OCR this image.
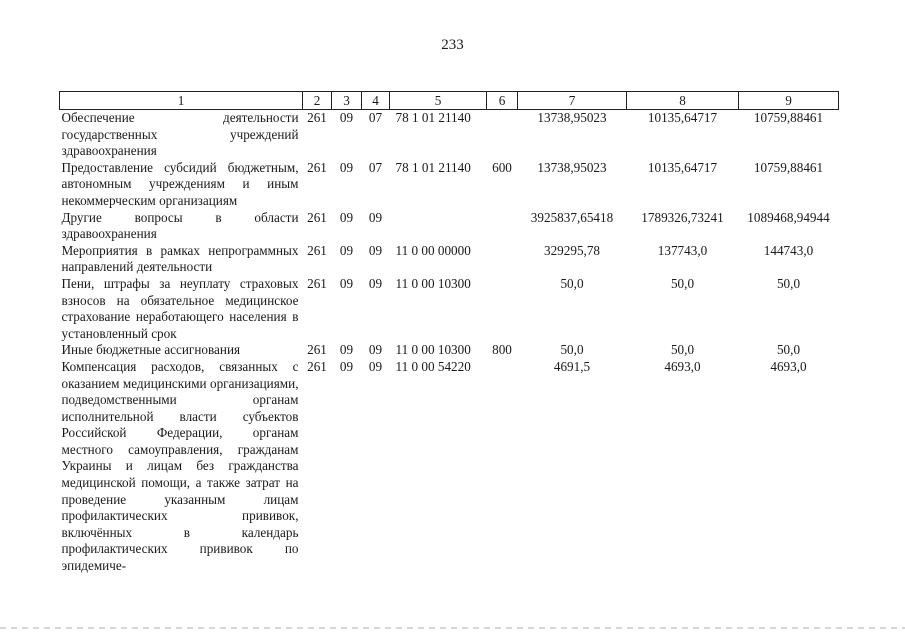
233
1	2	3	4	5	6	7	8	9
Обеспечение деятельности государственных учреждений здравоохранения	261	09	07	78 1 01 21140		13738,95023	10135,64717	10759,88461
Предоставление субсидий бюджетным, автономным учреждениям и иным некоммерческим организациям	261	09	07	78 1 01 21140	600	13738,95023	10135,64717	10759,88461
Другие вопросы в области здравоохранения	261	09	09			3925837,65418	1789326,73241	1089468,94944
Мероприятия в рамках непрограммных направлений деятельности	261	09	09	11 0 00 00000		329295,78	137743,0	144743,0
Пени, штрафы за неуплату страховых взносов на обязательное медицинское страхование неработающего населения в установленный срок	261	09	09	11 0 00 10300		50,0	50,0	50,0
Иные бюджетные ассигнования	261	09	09	11 0 00 10300	800	50,0	50,0	50,0
Компенсация расходов, связанных с оказанием медицинскими организациями, подведомственными органам исполнительной власти субъектов Российской Федерации, органам местного самоуправления, гражданам Украины и лицам без гражданства медицинской помощи, а также затрат на проведение указанным лицам профилактических прививок, включённых в календарь профилактических прививок по эпидемиче-	261	09	09	11 0 00 54220		4691,5	4693,0	4693,0
